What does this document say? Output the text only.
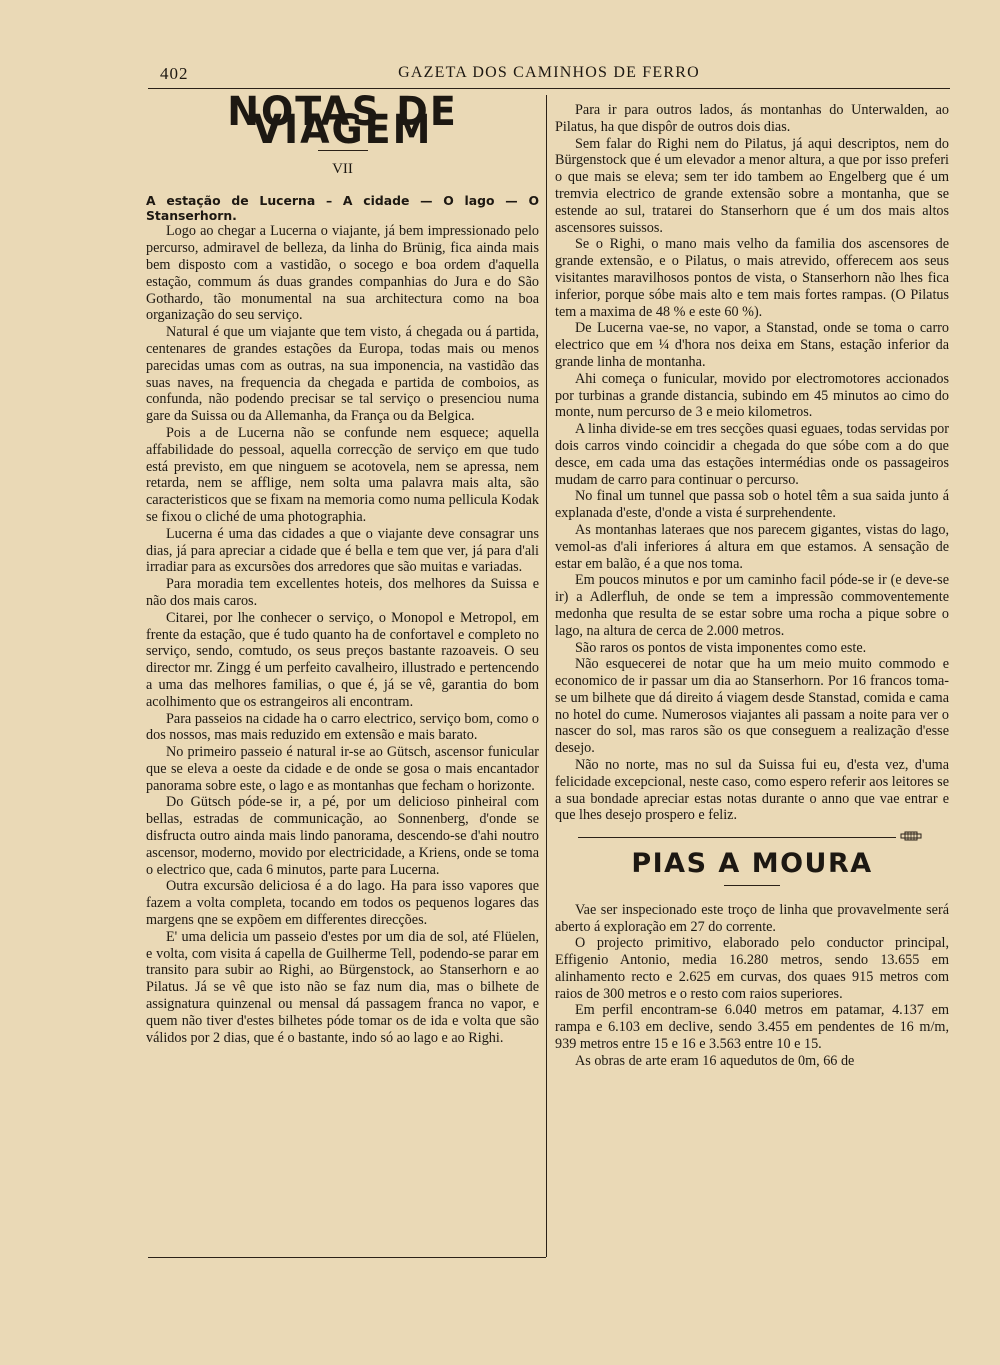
402	GAZETA DOS CAMINHOS DE FERRO
NOTAS DE VIAGEM
VII

A estação de Lucerna – A cidade — O lago — O Stanserhorn.

Logo ao chegar a Lucerna o viajante, já bem impressionado pelo percurso, admiravel de belleza, da linha do Brünig, fica ainda mais bem disposto com a vastidão, o socego e boa ordem d'aquella estação, commum ás duas grandes companhias do Jura e do São Gothardo, tão monumental na sua architectura como na boa organização do seu serviço.

Natural é que um viajante que tem visto, á chegada ou á partida, centenares de grandes estações da Europa, todas mais ou menos parecidas umas com as outras, na sua imponencia, na vastidão das suas naves, na frequencia da chegada e partida de comboios, as confunda, não podendo precisar se tal serviço o presenciou numa gare da Suissa ou da Allemanha, da França ou da Belgica.

Pois a de Lucerna não se confunde nem esquece; aquella affabilidade do pessoal, aquella correcção de serviço em que tudo está previsto, em que ninguem se acotovela, nem se apressa, nem retarda, nem se afflige, nem solta uma palavra mais alta, são caracteristicos que se fixam na memoria como numa pellicula Kodak se fixou o cliché de uma photographia.

Lucerna é uma das cidades a que o viajante deve consagrar uns dias, já para apreciar a cidade que é bella e tem que ver, já para d'ali irradiar para as excursões dos arredores que são muitas e variadas.

Para moradia tem excellentes hoteis, dos melhores da Suissa e não dos mais caros.

Citarei, por lhe conhecer o serviço, o Monopol e Metropol, em frente da estação, que é tudo quanto ha de confortavel e completo no serviço, sendo, comtudo, os seus preços bastante razoaveis. O seu director mr. Zingg é um perfeito cavalheiro, illustrado e pertencendo a uma das melhores familias, o que é, já se vê, garantia do bom acolhimento que os estrangeiros ali encontram.

Para passeios na cidade ha o carro electrico, serviço bom, como o dos nossos, mas mais reduzido em extensão e mais barato.

No primeiro passeio é natural ir-se ao Gütsch, ascensor funicular que se eleva a oeste da cidade e de onde se gosa o mais encantador panorama sobre este, o lago e as montanhas que fecham o horizonte.

Do Gütsch póde-se ir, a pé, por um delicioso pinheiral com bellas, estradas de communicação, ao Sonnenberg, d'onde se disfructa outro ainda mais lindo panorama, descendo-se d'ahi noutro ascensor, moderno, movido por electricidade, a Kriens, onde se toma o electrico que, cada 6 minutos, parte para Lucerna.

Outra excursão deliciosa é a do lago. Ha para isso vapores que fazem a volta completa, tocando em todos os pequenos logares das margens qne se expõem em differentes direcções.

E' uma delicia um passeio d'estes por um dia de sol, até Flüelen, e volta, com visita á capella de Guilherme Tell, podendo-se parar em transito para subir ao Righi, ao Bürgenstock, ao Stanserhorn e ao Pilatus. Já se vê que isto não se faz num dia, mas o bilhete de assignatura quinzenal ou mensal dá passagem franca no vapor, e quem não tiver d'estes bilhetes póde tomar os de ida e volta que são válidos por 2 dias, que é o bastante, indo só ao lago e ao Righi.

Para ir para outros lados, ás montanhas do Unterwalden, ao Pilatus, ha que dispôr de outros dois dias.

Sem falar do Righi nem do Pilatus, já aqui descriptos, nem do Bürgenstock que é um elevador a menor altura, a que por isso preferi o que mais se eleva; sem ter ido tambem ao Engelberg que é um tremvia electrico de grande extensão sobre a montanha, que se estende ao sul, tratarei do Stanserhorn que é um dos mais altos ascensores suissos.

Se o Righi, o mano mais velho da familia dos ascensores de grande extensão, e o Pilatus, o mais atrevido, offerecem aos seus visitantes maravilhosos pontos de vista, o Stanserhorn não lhes fica inferior, porque sóbe mais alto e tem mais fortes rampas. (O Pilatus tem a maxima de 48 % e este 60 %).

De Lucerna vae-se, no vapor, a Stanstad, onde se toma o carro electrico que em ¼ d'hora nos deixa em Stans, estação inferior da grande linha de montanha.

Ahi começa o funicular, movido por electromotores accionados por turbinas a grande distancia, subindo em 45 minutos ao cimo do monte, num percurso de 3 e meio kilometros.

A linha divide-se em tres secções quasi eguaes, todas servidas por dois carros vindo coincidir a chegada do que sóbe com a do que desce, em cada uma das estações intermédias onde os passageiros mudam de carro para continuar o percurso.

No final um tunnel que passa sob o hotel têm a sua saida junto á explanada d'este, d'onde a vista é surprehendente.

As montanhas lateraes que nos parecem gigantes, vistas do lago, vemol-as d'ali inferiores á altura em que estamos. A sensação de estar em balão, é a que nos toma.

Em poucos minutos e por um caminho facil póde-se ir (e deve-se ir) a Adlerfluh, de onde se tem a impressão commoventemente medonha que resulta de se estar sobre uma rocha a pique sobre o lago, na altura de cerca de 2.000 metros.

São raros os pontos de vista imponentes como este.

Não esquecerei de notar que ha um meio muito commodo e economico de ir passar um dia ao Stanserhorn. Por 16 francos toma-se um bilhete que dá direito á viagem desde Stanstad, comida e cama no hotel do cume. Numerosos viajantes ali passam a noite para ver o nascer do sol, mas raros são os que conseguem a realização d'esse desejo.

Não no norte, mas no sul da Suissa fui eu, d'esta vez, d'uma felicidade excepcional, neste caso, como espero referir aos leitores se a sua bondade apreciar estas notas durante o anno que vae entrar e que lhes desejo prospero e feliz.

PIAS A MOURA

Vae ser inspecionado este troço de linha que provavelmente será aberto á exploração em 27 do corrente.

O projecto primitivo, elaborado pelo conductor principal, Effigenio Antonio, media 16.280 metros, sendo 13.655 em alinhamento recto e 2.625 em curvas, dos quaes 915 metros com raios de 300 metros e o resto com raios superiores.

Em perfil encontram-se 6.040 metros em patamar, 4.137 em rampa e 6.103 em declive, sendo 3.455 em pendentes de 16 m/m, 939 metros entre 15 e 16 e 3.563 entre 10 e 15.

As obras de arte eram 16 aquedutos de 0m, 66 de
